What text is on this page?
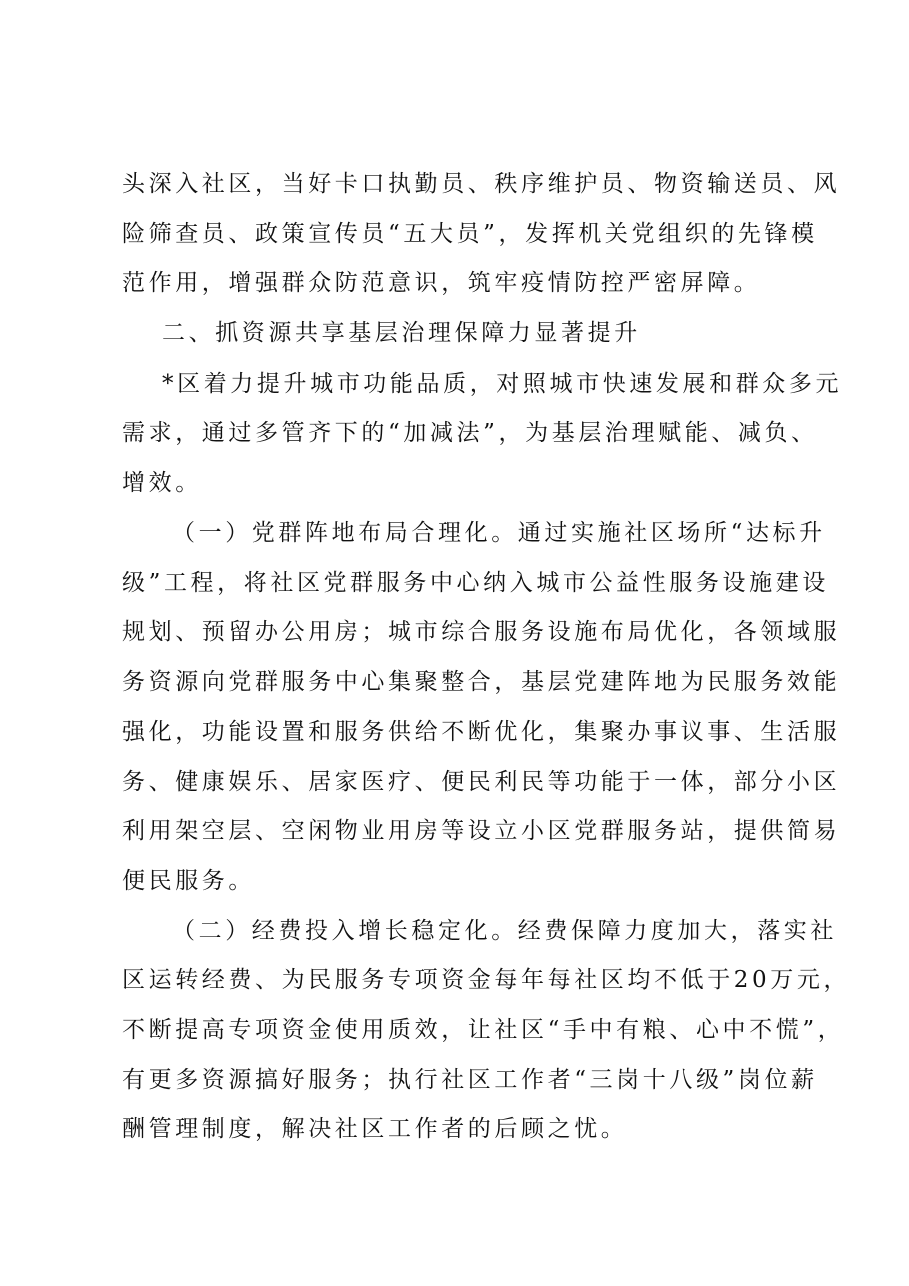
头深入社区，当好卡口执勤员、秩序维护员、物资输送员、风
险筛查员、政策宣传员“五大员”，发挥机关党组织的先锋模
范作用，增强群众防范意识，筑牢疫情防控严密屏障。
二、抓资源共享基层治理保障力显著提升
*区着力提升城市功能品质，对照城市快速发展和群众多元
需求，通过多管齐下的“加减法”，为基层治理赋能、减负、
增效。
（一）党群阵地布局合理化。通过实施社区场所“达标升
级”工程，将社区党群服务中心纳入城市公益性服务设施建设
规划、预留办公用房；城市综合服务设施布局优化，各领域服
务资源向党群服务中心集聚整合，基层党建阵地为民服务效能
强化，功能设置和服务供给不断优化，集聚办事议事、生活服
务、健康娱乐、居家医疗、便民利民等功能于一体，部分小区
利用架空层、空闲物业用房等设立小区党群服务站，提供简易
便民服务。
（二）经费投入增长稳定化。经费保障力度加大，落实社
区运转经费、为民服务专项资金每年每社区均不低于20万元，
不断提高专项资金使用质效，让社区“手中有粮、心中不慌”，
有更多资源搞好服务；执行社区工作者“三岗十八级”岗位薪
酬管理制度，解决社区工作者的后顾之忧。
